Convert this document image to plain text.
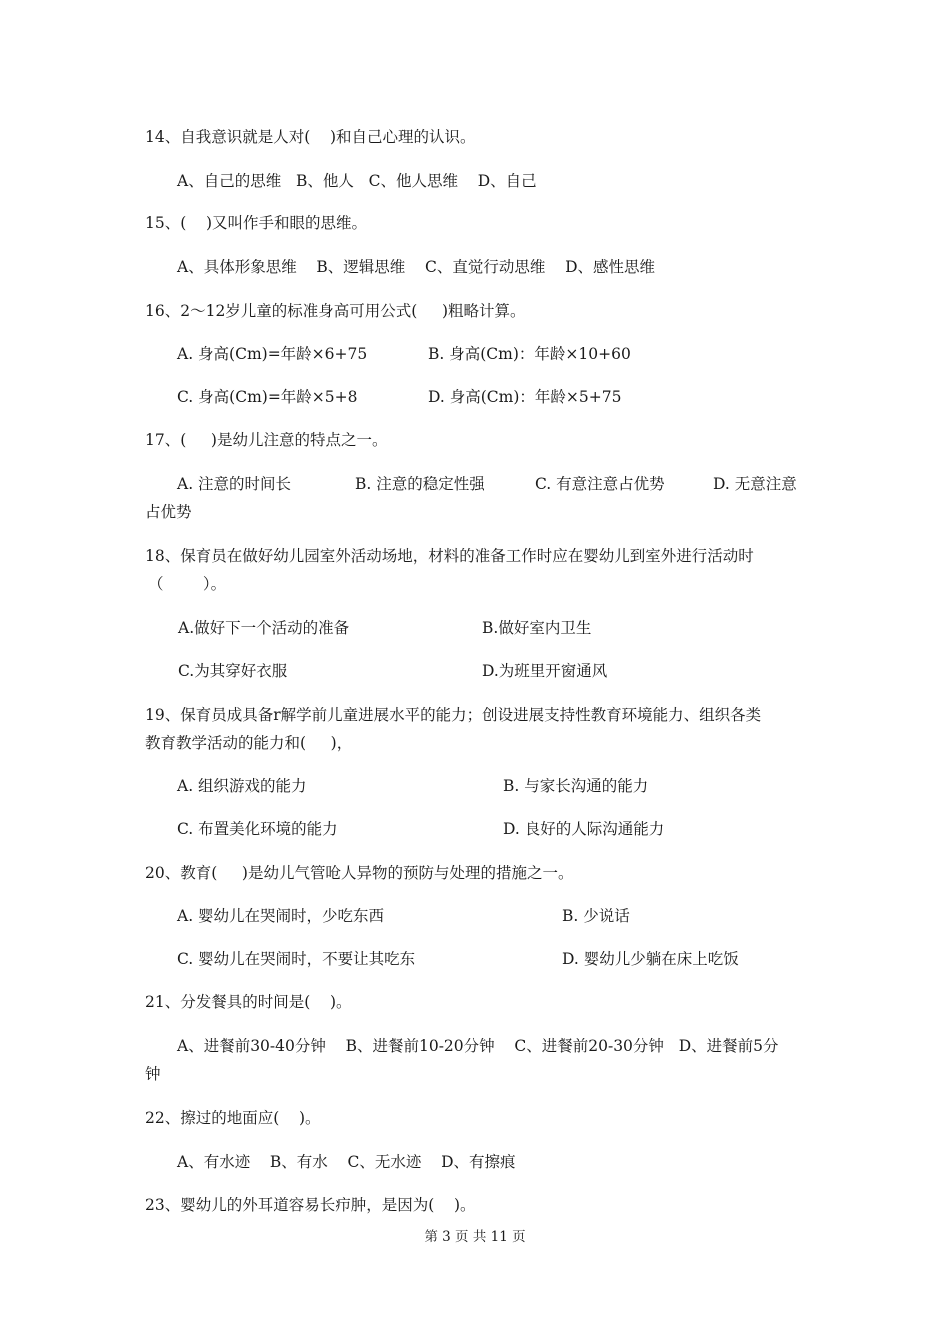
14、自我意识就是人对(    )和自己心理的认识。
A、自己的思维   B、他人   C、他人思维    D、自己
15、(    )又叫作手和眼的思维。
A、具体形象思维    B、逻辑思维    C、直觉行动思维    D、感性思维
16、2～12岁儿童的标准身高可用公式(     )粗略计算。
A. 身高(Cm)=年龄×6+75	B. 身高(Cm)：年龄×10+60
C. 身高(Cm)=年龄×5+8	D. 身高(Cm)：年龄×5+75
17、(     )是幼儿注意的特点之一。
A. 注意的时间长	B. 注意的稳定性强	C. 有意注意占优势	D. 无意注意
占优势
18、保育员在做好幼儿园室外活动场地，材料的准备工作时应在婴幼儿到室外进行活动时
（        ）。
A.做好下一个活动的准备	B.做好室内卫生
C.为其穿好衣服	D.为班里开窗通风
19、保育员成具备r解学前儿童进展水平的能力；创设进展支持性教育环境能力、组织各类
教育教学活动的能力和(     )，
A. 组织游戏的能力	B. 与家长沟通的能力
C. 布置美化环境的能力	D. 良好的人际沟通能力
20、教育(     )是幼儿气管呛人异物的预防与处理的措施之一。
A. 婴幼儿在哭闹时，少吃东西	B. 少说话
C. 婴幼儿在哭闹时，不要让其吃东	D. 婴幼儿少躺在床上吃饭
21、分发餐具的时间是(    )。
A、进餐前30-40分钟    B、进餐前10-20分钟    C、进餐前20-30分钟   D、进餐前5分
钟
22、擦过的地面应(    )。
A、有水迹    B、有水    C、无水迹    D、有擦痕
23、婴幼儿的外耳道容易长疖肿，是因为(    )。
第 3 页 共 11 页
